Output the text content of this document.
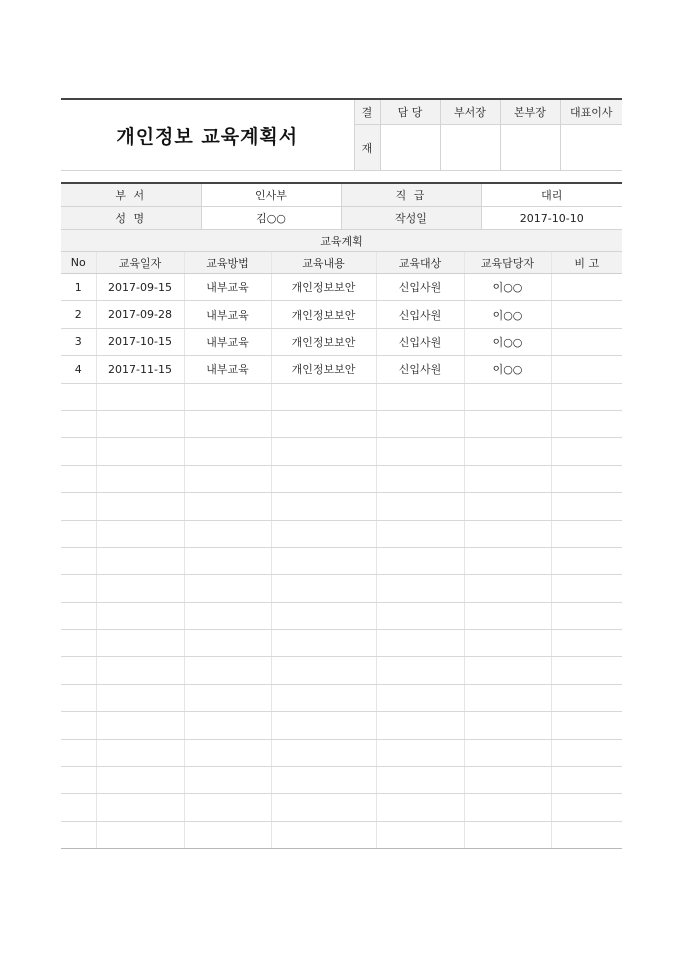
개인정보 교육계획서	결	담 당	부서장	본부장	대표이사
	재				
부 서	인사부	직 급	대리
성 명	김○○	작성일	2017-10-10
교육계획			
No	교육일자	교육방법	교육내용	교육대상	교육담당자	비 고
1	2017-09-15	내부교육	개인정보보안	신입사원	이○○	
2	2017-09-28	내부교육	개인정보보안	신입사원	이○○	
3	2017-10-15	내부교육	개인정보보안	신입사원	이○○	
4	2017-11-15	내부교육	개인정보보안	신입사원	이○○	
